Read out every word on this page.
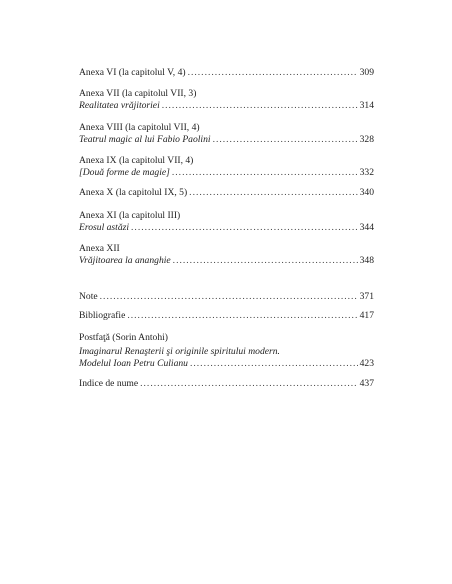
Anexa VI (la capitolul V, 4) . . .	309
Anexa VII (la capitolul VII, 3)
Realitatea vrăjitoriei . . .	314
Anexa VIII (la capitolul VII, 4)
Teatrul magic al lui Fabio Paolini . . .	328
Anexa IX (la capitolul VII, 4)
[Două forme de magie] . . .	332
Anexa X (la capitolul IX, 5) . . .	340
Anexa XI (la capitolul III)
Erosul astăzi . . .	344
Anexa XII
Vrăjitoarea la ananghie . . .	348
Note . . .	371
Bibliografie . . .	417
Postfaţă (Sorin Antohi)
Imaginarul Renaşterii şi originile spiritului modern.
Modelul Ioan Petru Culianu . . .	423
Indice de nume . . .	437
